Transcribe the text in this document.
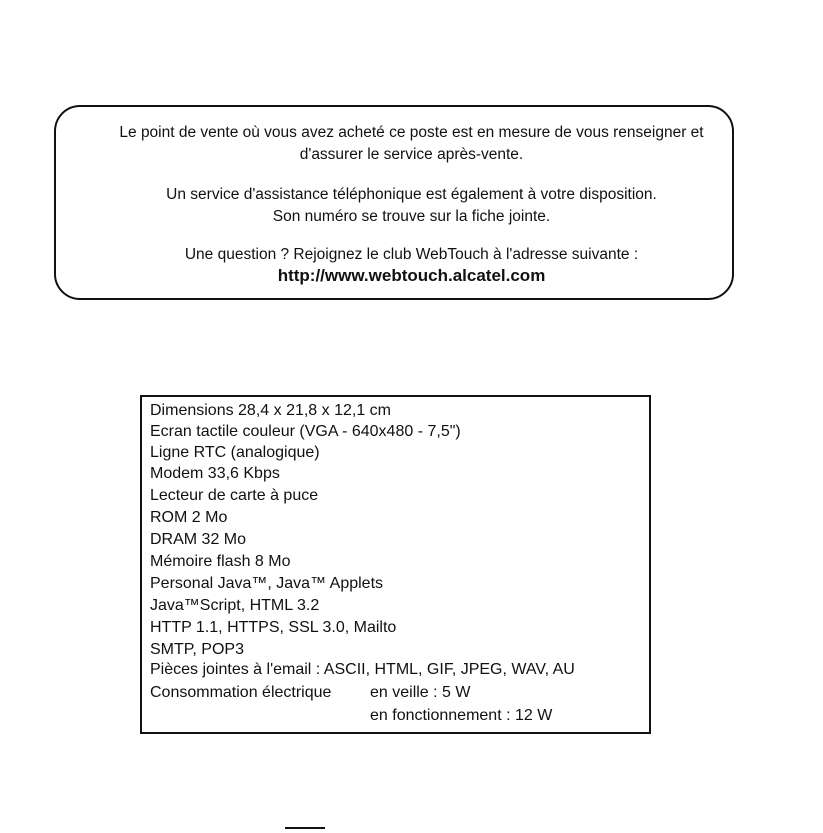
Le point de vente où vous avez acheté ce poste est en mesure de vous renseigner et
d'assurer le service après-vente.
Un service d'assistance téléphonique est également à votre disposition.
Son numéro se trouve sur la fiche jointe.
Une question ? Rejoignez le club WebTouch à l'adresse suivante :
http://www.webtouch.alcatel.com
Dimensions 28,4 x 21,8 x 12,1 cm
Ecran tactile couleur (VGA - 640x480 - 7,5")
Ligne RTC (analogique)
Modem 33,6 Kbps
Lecteur de carte à puce
ROM 2 Mo
DRAM 32 Mo
Mémoire flash 8 Mo
Personal Java™, Java™ Applets
Java™Script, HTML 3.2
HTTP 1.1, HTTPS, SSL 3.0, Mailto
SMTP, POP3
Pièces jointes à l'email : ASCII, HTML, GIF, JPEG, WAV, AU
Consommation électrique en veille : 5 W
en fonctionnement : 12 W
